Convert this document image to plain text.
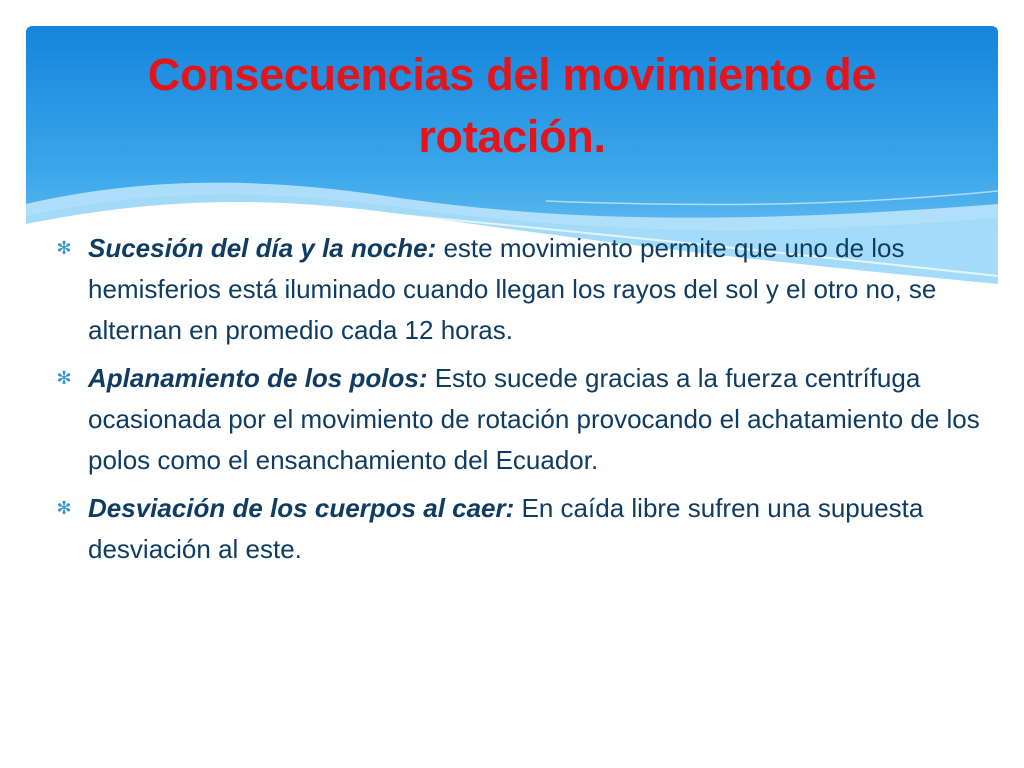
Consecuencias del movimiento de rotación.
✻ Sucesión del día y la noche: este movimiento permite que uno de los hemisferios está iluminado cuando llegan los rayos del sol y el otro no, se alternan en promedio cada 12 horas.
✻ Aplanamiento de los polos: Esto sucede gracias a la fuerza centrífuga ocasionada por el movimiento de rotación provocando el achatamiento de los polos como el ensanchamiento del Ecuador.
✻ Desviación de los cuerpos al caer: En caída libre sufren una supuesta desviación al este.
